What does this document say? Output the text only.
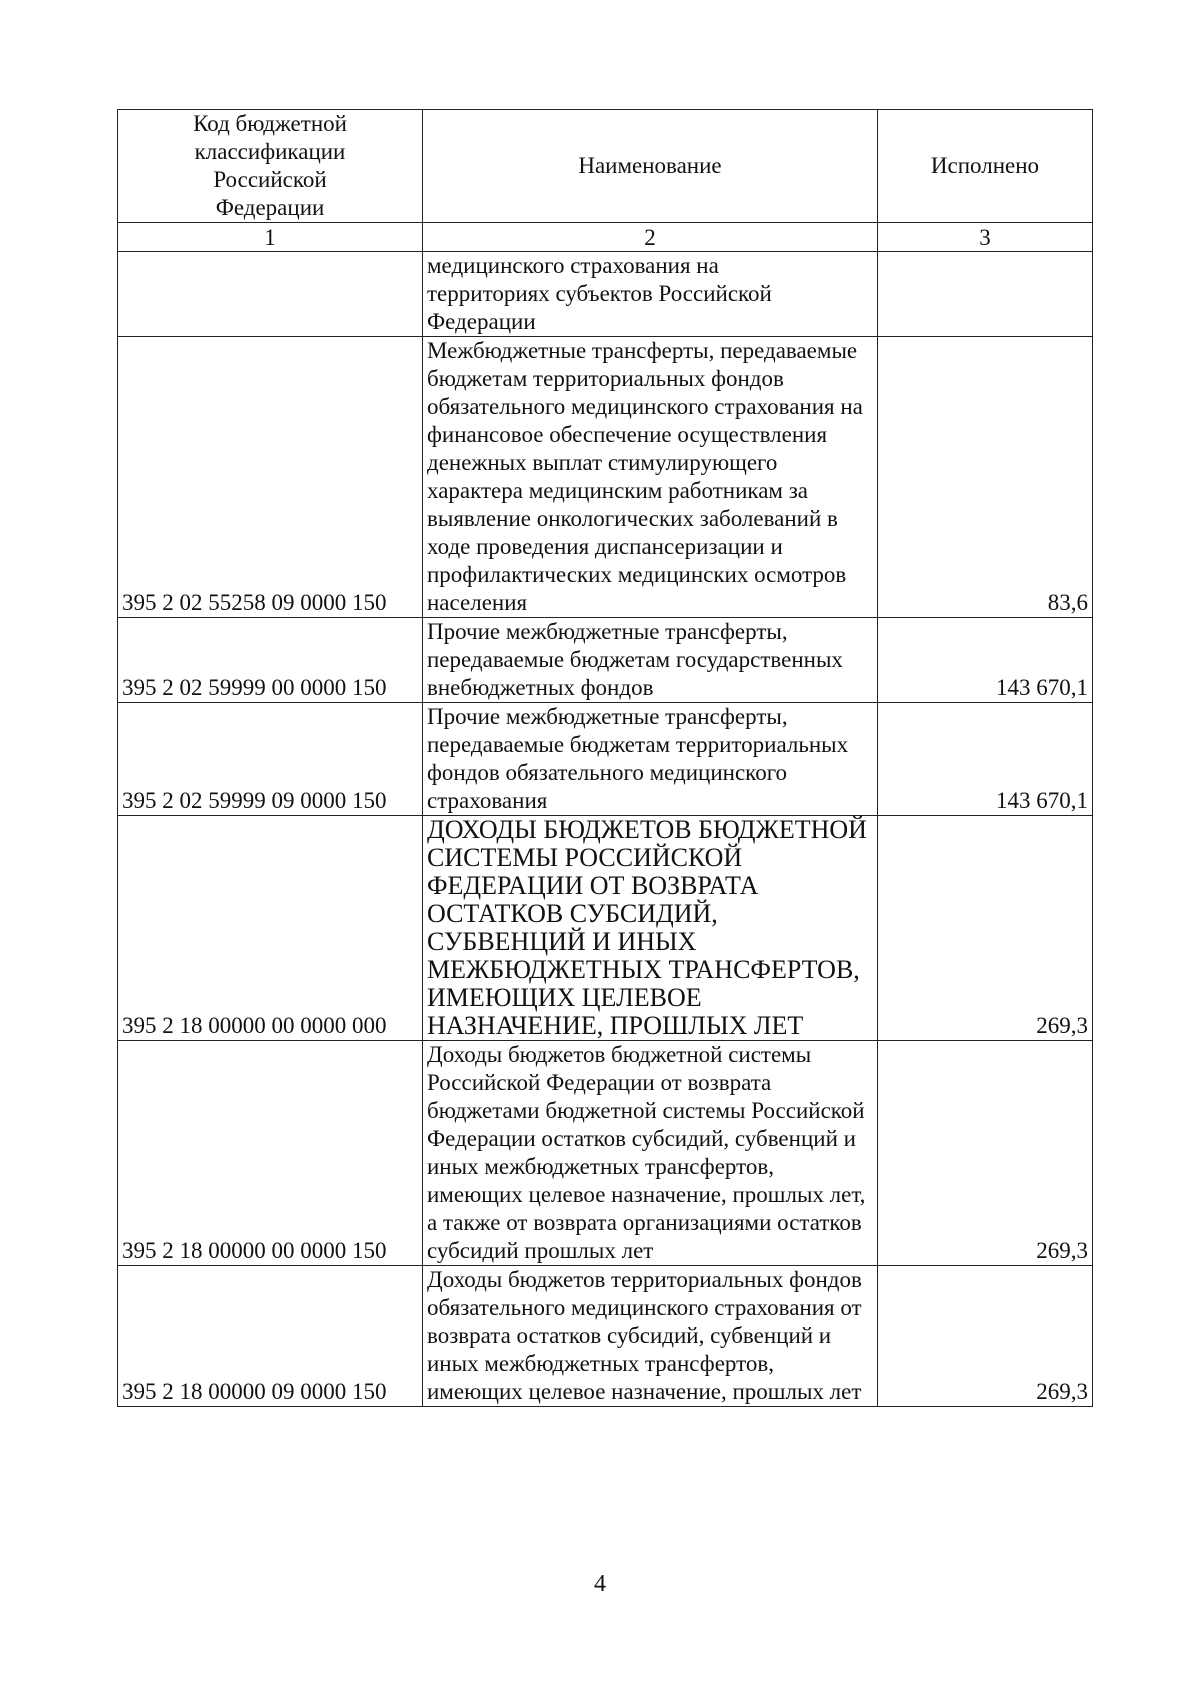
Код бюджетной классификации Российской Федерации	Наименование	Исполнено
1	2	3
	медицинского страхования на территориях субъектов Российской Федерации	
395 2 02 55258 09 0000 150	Межбюджетные трансферты, передаваемые бюджетам территориальных фондов обязательного медицинского страхования на финансовое обеспечение осуществления денежных выплат стимулирующего характера медицинским работникам за выявление онкологических заболеваний в ходе проведения диспансеризации и профилактических медицинских осмотров населения	83,6
395 2 02 59999 00 0000 150	Прочие межбюджетные трансферты, передаваемые бюджетам государственных внебюджетных фондов	143 670,1
395 2 02 59999 09 0000 150	Прочие межбюджетные трансферты, передаваемые бюджетам территориальных фондов обязательного медицинского страхования	143 670,1
395 2 18 00000 00 0000 000	ДОХОДЫ БЮДЖЕТОВ БЮДЖЕТНОЙ СИСТЕМЫ РОССИЙСКОЙ ФЕДЕРАЦИИ ОТ ВОЗВРАТА ОСТАТКОВ СУБСИДИЙ, СУБВЕНЦИЙ И ИНЫХ МЕЖБЮДЖЕТНЫХ ТРАНСФЕРТОВ, ИМЕЮЩИХ ЦЕЛЕВОЕ НАЗНАЧЕНИЕ, ПРОШЛЫХ ЛЕТ	269,3
395 2 18 00000 00 0000 150	Доходы бюджетов бюджетной системы Российской Федерации от возврата бюджетами бюджетной системы Российской Федерации остатков субсидий, субвенций и иных межбюджетных трансфертов, имеющих целевое назначение, прошлых лет, а также от возврата организациями остатков субсидий прошлых лет	269,3
395 2 18 00000 09 0000 150	Доходы бюджетов территориальных фондов обязательного медицинского страхования от возврата остатков субсидий, субвенций и иных межбюджетных трансфертов, имеющих целевое назначение, прошлых лет	269,3
4
